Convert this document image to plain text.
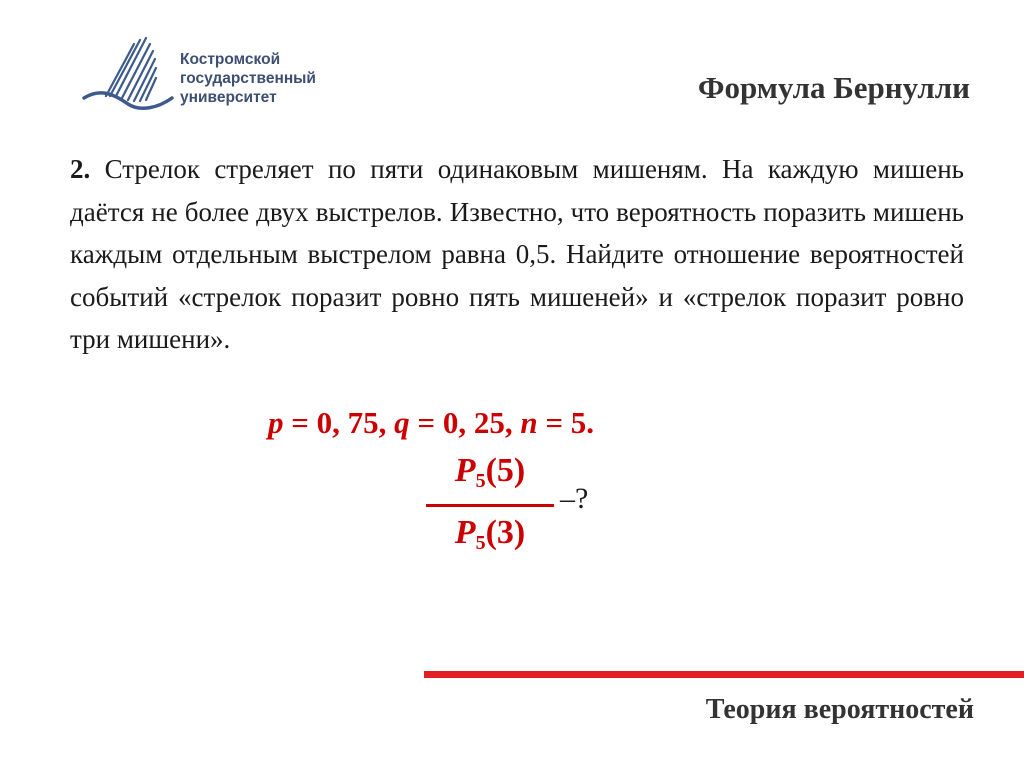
Костромской
государственный
университет	Формула Бернулли
2. Стрелок стреляет по пяти одинаковым мишеням. На каждую мишень даётся не более двух выстрелов. Известно, что вероятность поразить мишень каждым отдельным выстрелом равна 0,5. Найдите отношение вероятностей событий «стрелок поразит ровно пять мишеней» и «стрелок поразит ровно три мишени».
p = 0, 75, q = 0, 25, n = 5.
$P_5(5)$
$P_5(3)$
–?
Теория вероятностей
